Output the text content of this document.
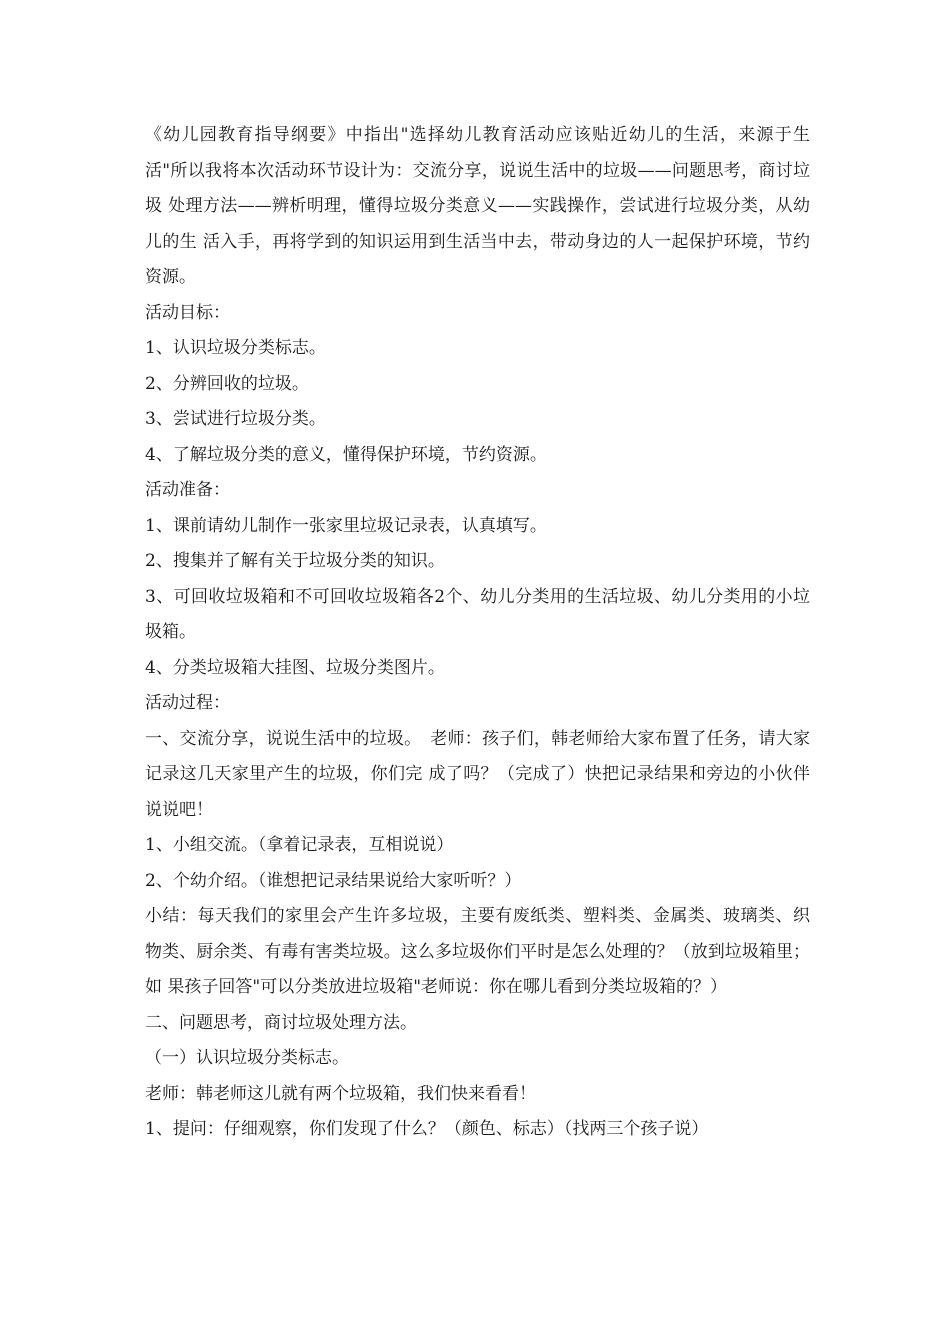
《幼儿园教育指导纲要》中指出"选择幼儿教育活动应该贴近幼儿的生活，来源于生 活"所以我将本次活动环节设计为：交流分享，说说生活中的垃圾——问题思考，商讨垃圾 处理方法——辨析明理，懂得垃圾分类意义——实践操作，尝试进行垃圾分类，从幼儿的生 活入手，再将学到的知识运用到生活当中去，带动身边的人一起保护环境，节约资源。

活动目标：

1、认识垃圾分类标志。

2、分辨回收的垃圾。

3、尝试进行垃圾分类。

4、了解垃圾分类的意义，懂得保护环境，节约资源。

活动准备：

1、课前请幼儿制作一张家里垃圾记录表，认真填写。

2、搜集并了解有关于垃圾分类的知识。

3、可回收垃圾箱和不可回收垃圾箱各2个、幼儿分类用的生活垃圾、幼儿分类用的小垃 圾箱。

4、分类垃圾箱大挂图、垃圾分类图片。

活动过程：

一、交流分享，说说生活中的垃圾。　老师：孩子们，韩老师给大家布置了任务，请大家记录这几天家里产生的垃圾，你们完 成了吗？（完成了）快把记录结果和旁边的小伙伴说说吧！

1、小组交流。（拿着记录表，互相说说）

2、个幼介绍。（谁想把记录结果说给大家听听？）

小结：每天我们的家里会产生许多垃圾，主要有废纸类、塑料类、金属类、玻璃类、织 物类、厨余类、有毒有害类垃圾。这么多垃圾你们平时是怎么处理的？（放到垃圾箱里；如 果孩子回答"可以分类放进垃圾箱"老师说：你在哪儿看到分类垃圾箱的？）

二、问题思考，商讨垃圾处理方法。

（一）认识垃圾分类标志。

老师：韩老师这儿就有两个垃圾箱，我们快来看看！

1、提问：仔细观察，你们发现了什么？（颜色、标志）（找两三个孩子说）
